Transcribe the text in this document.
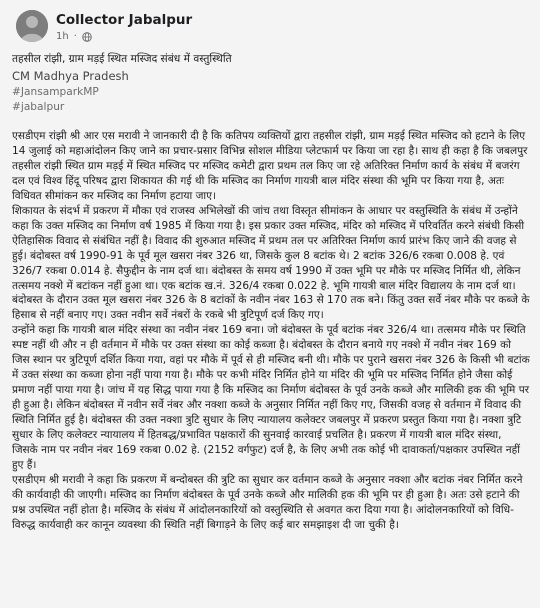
Collector Jabalpur
1h ·

तहसील रांझी, ग्राम मड़ई स्थित मस्जिद संबंध में वस्तुस्थिति

CM Madhya Pradesh

#JansamparkMP
#jabalpur

एसडीएम रांझी श्री आर एस मरावी ने जानकारी दी है कि कतिपय व्यक्तियों द्वारा तहसील रांझी, ग्राम मड़ई स्थित मस्जिद को हटाने के लिए 14 जुलाई को महाआंदोलन किए जाने का प्रचार-प्रसार विभिन्न सोशल मीडिया प्लेटफार्म पर किया जा रहा है। साथ ही कहा है कि जबलपुर तहसील रांझी स्थित ग्राम मड़ई में स्थित मस्जिद पर मस्जिद कमेटी द्वारा प्रथम तल किए जा रहे अतिरिक्त निर्माण कार्य के संबंध में बजरंग दल एवं विश्व हिंदू परिषद द्वारा शिकायत की गई थी कि मस्जिद का निर्माण गायत्री बाल मंदिर संस्था की भूमि पर किया गया है, अतः विधिवत सीमांकन कर मस्जिद का निर्माण हटाया जाए।

शिकायत के संदर्भ में प्रकरण में मौका एवं राजस्व अभिलेखों की जांच तथा विस्तृत सीमांकन के आधार पर वस्तुस्थिति के संबंध में उन्होंने कहा कि उक्त मस्जिद का निर्माण वर्ष 1985 में किया गया है। इस प्रकार उक्त मस्जिद, मंदिर को मस्जिद में परिवर्तित करने संबंधी किसी ऐतिहासिक विवाद से संबंधित नहीं है। विवाद की शुरुआत मस्जिद में प्रथम तल पर अतिरिक्त निर्माण कार्य प्रारंभ किए जाने की वजह से हुई। बंदोबस्त वर्ष 1990-91 के पूर्व मूल खसरा नंबर 326 था, जिसके कुल 8 बटांक थे। 2 बटांक 326/6 रकबा 0.008 हे. एवं 326/7 रकबा 0.014 हे. सैफुद्दीन के नाम दर्ज था। बंदोबस्त के समय वर्ष 1990 में उक्त भूमि पर मौके पर मस्जिद निर्मित थी, लेकिन तत्समय नक्शे में बटांकन नहीं हुआ था। एक बटांक ख.नं. 326/4 रकबा 0.022 हे. भूमि गायत्री बाल मंदिर विद्यालय के नाम दर्ज था। बंदोबस्त के दौरान उक्त मूल खसरा नंबर 326 के 8 बटांकों के नवीन नंबर 163 से 170 तक बने। किंतु उक्त सर्वे नंबर मौके पर कब्जे के हिसाब से नहीं बनाए गए। उक्त नवीन सर्वे नंबरों के रकबे भी त्रुटिपूर्ण दर्ज किए गए।

उन्होंने कहा कि गायत्री बाल मंदिर संस्था का नवीन नंबर 169 बना। जो बंदोबस्त के पूर्व बटांक नंबर 326/4 था। तत्समय मौके पर स्थिति स्पष्ट नहीं थी और न ही वर्तमान में मौके पर उक्त संस्था का कोई कब्जा है। बंदोबस्त के दौरान बनाये गए नक्शे में नवीन नंबर 169 को जिस स्थान पर त्रुटिपूर्ण दर्शित किया गया, वहां पर मौके में पूर्व से ही मस्जिद बनी थी। मौके पर पुराने खसरा नंबर 326 के किसी भी बटांक में उक्त संस्था का कब्जा होना नहीं पाया गया है। मौके पर कभी मंदिर निर्मित होने या मंदिर की भूमि पर मस्जिद निर्मित होने जैसा कोई प्रमाण नहीं पाया गया है। जांच में यह सिद्ध पाया गया है कि मस्जिद का निर्माण बंदोबस्त के पूर्व उनके कब्जे और मालिकी हक की भूमि पर ही हुआ है। लेकिन बंदोबस्त में नवीन सर्वे नंबर और नक्शा कब्जे के अनुसार निर्मित नहीं किए गए, जिसकी वजह से वर्तमान में विवाद की स्थिति निर्मित हुई है। बंदोबस्त की उक्त नक्शा त्रुटि सुधार के लिए न्यायालय कलेक्टर जबलपुर में प्रकरण प्रस्तुत किया गया है। नक्शा त्रुटि सुधार के लिए कलेक्टर न्यायालय में हितबद्ध/प्रभावित पक्षकारों की सुनवाई कारवाई प्रचलित है। प्रकरण में गायत्री बाल मंदिर संस्था, जिसके नाम पर नवीन नंबर 169 रकबा 0.02 हे. (2152 वर्गफुट) दर्ज है, के लिए अभी तक कोई भी दावाकर्ता/पक्षकार उपस्थित नहीं हुए हैं।

एसडीएम श्री मरावी ने कहा कि प्रकरण में बन्दोबस्त की त्रुटि का सुधार कर वर्तमान कब्जे के अनुसार नक्शा और बटांक नंबर निर्मित करने की कार्यवाही की जाएगी। मस्जिद का निर्माण बंदोबस्त के पूर्व उनके कब्जे और मालिकी हक की भूमि पर ही हुआ है। अतः उसे हटाने की प्रश्न उपस्थित नहीं होता है। मस्जिद के संबंध में आंदोलनकारियों को वस्तुस्थिति से अवगत करा दिया गया है। आंदोलनकारियों को विधि-विरुद्ध कार्यवाही कर कानून व्यवस्था की स्थिति नहीं बिगाड़ने के लिए कई बार समझाइश दी जा चुकी है।
